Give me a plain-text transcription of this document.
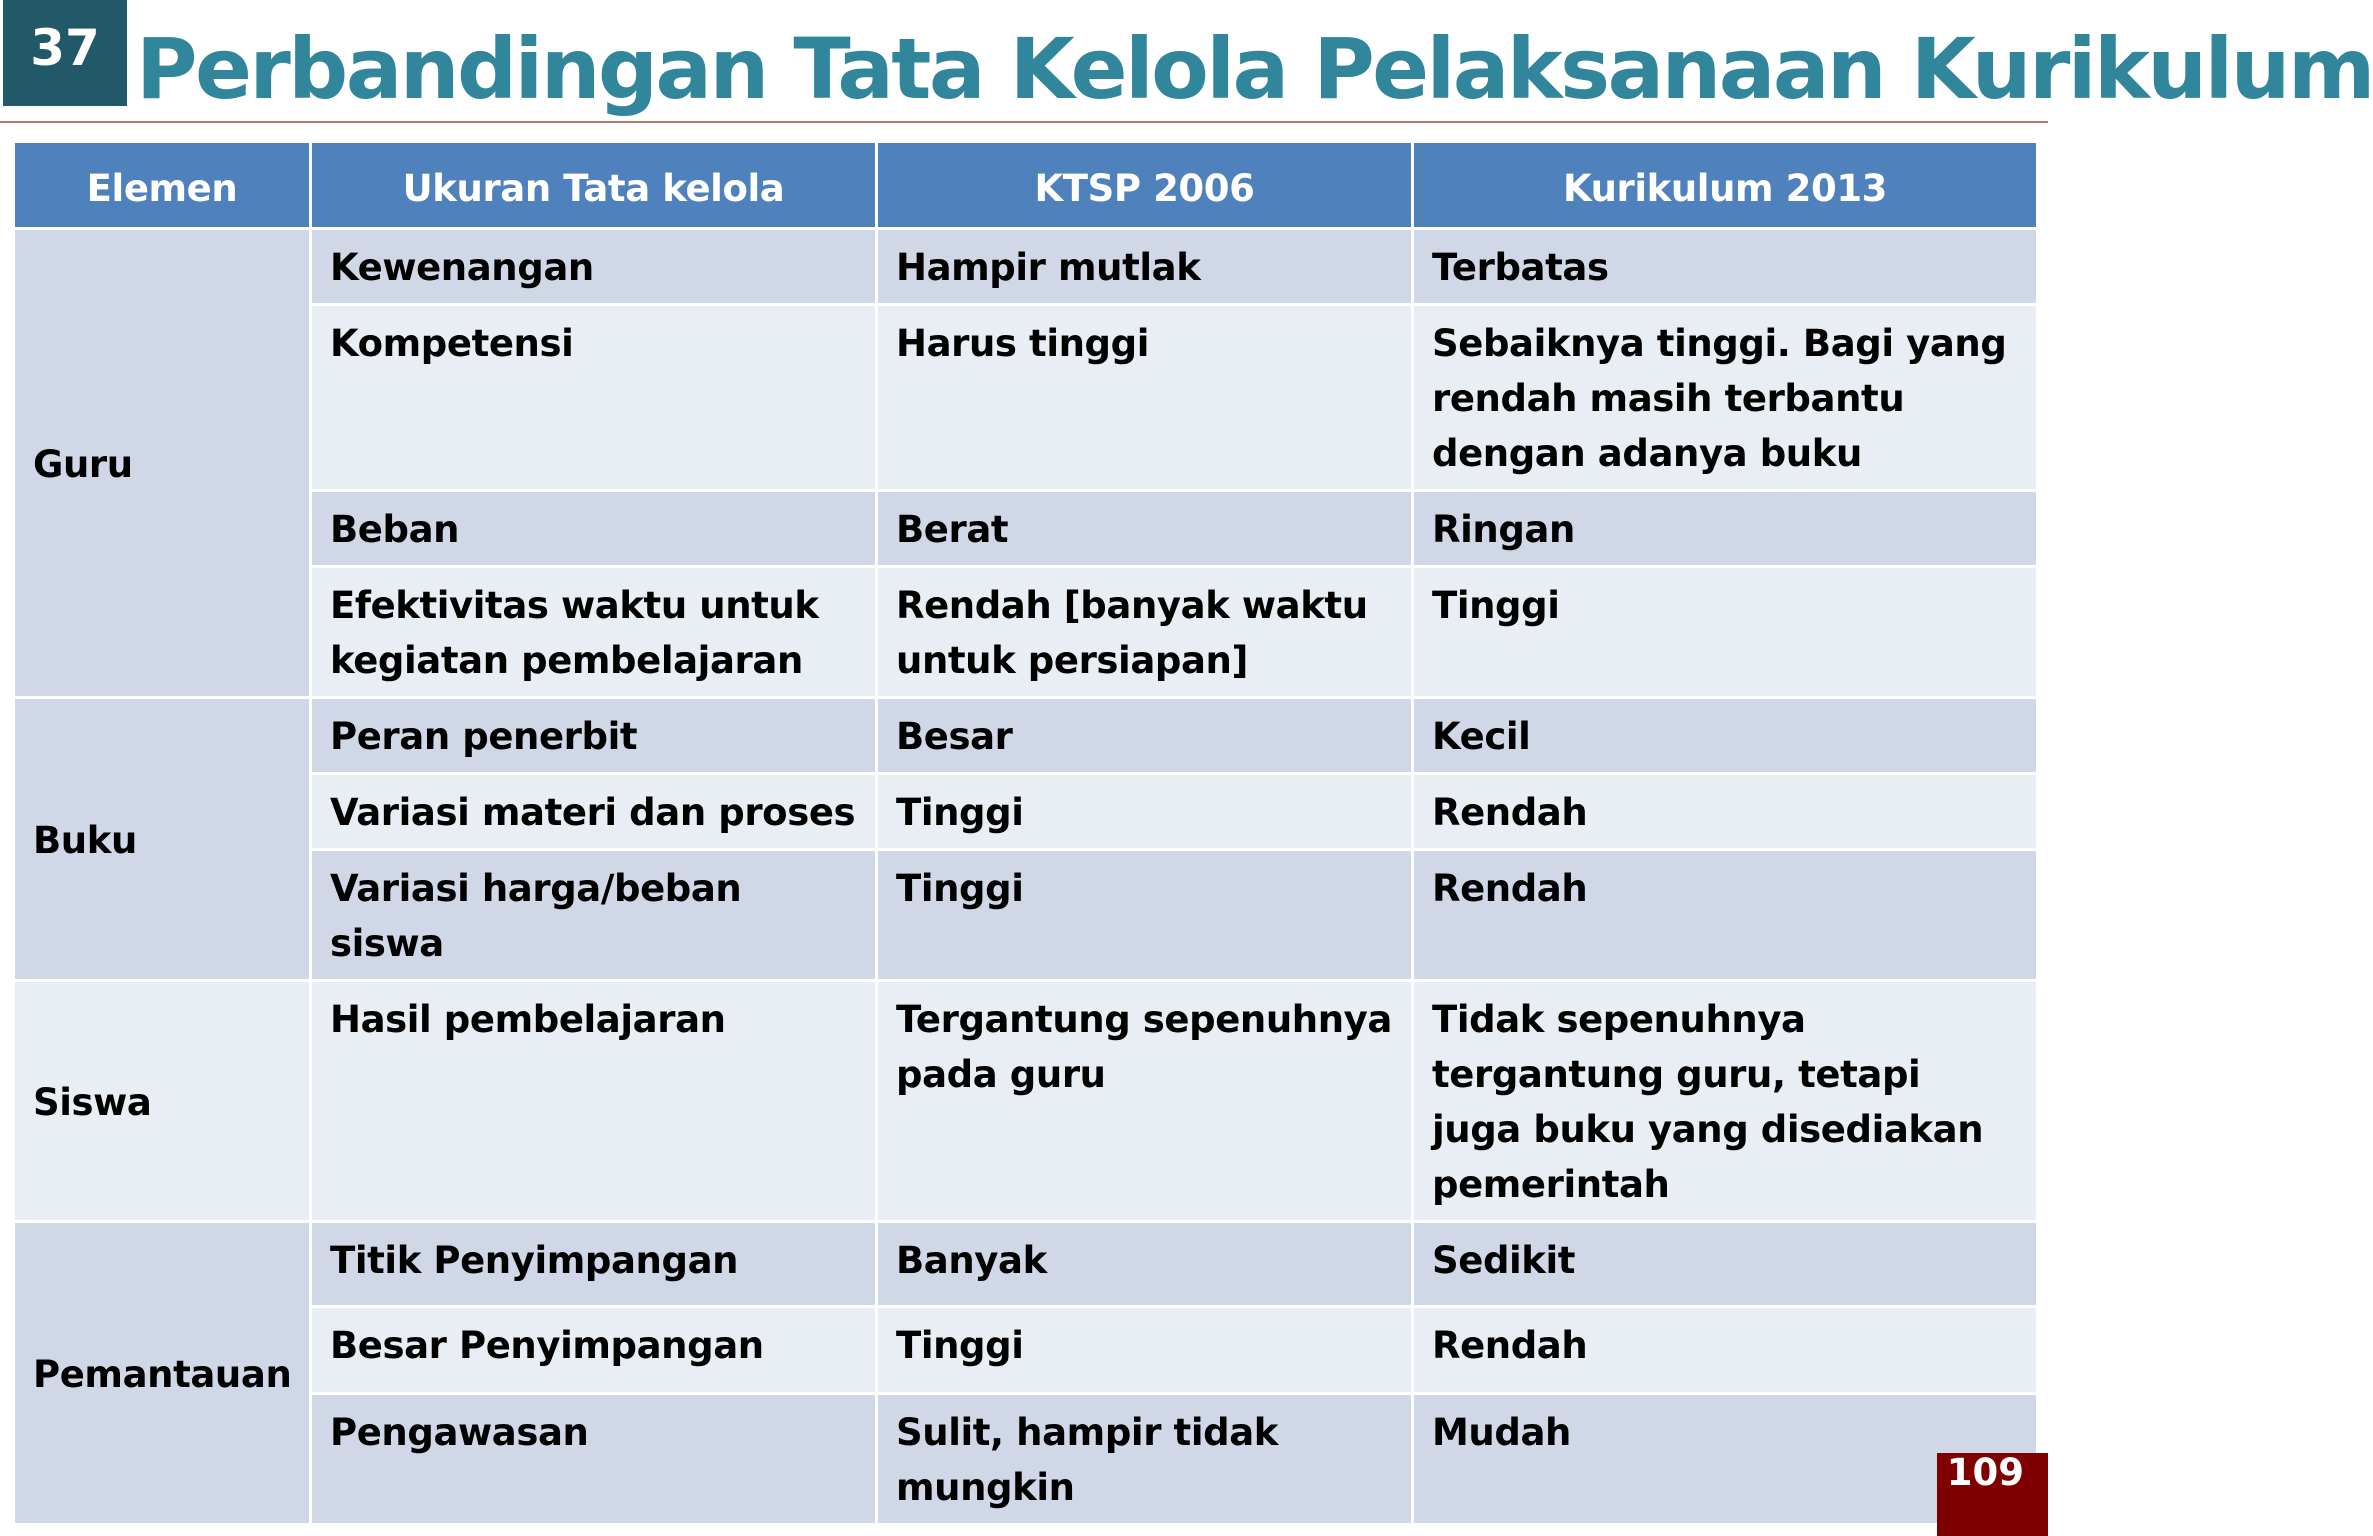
37 Perbandingan Tata Kelola Pelaksanaan Kurikulum
Elemen	Ukuran Tata kelola	KTSP 2006	Kurikulum 2013
Guru	Kewenangan	Hampir mutlak	Terbatas
	Kompetensi	Harus tinggi	Sebaiknya tinggi. Bagi yang rendah masih terbantu dengan adanya buku
	Beban	Berat	Ringan
	Efektivitas waktu untuk kegiatan pembelajaran	Rendah [banyak waktu untuk persiapan]	Tinggi
Buku	Peran penerbit	Besar	Kecil
	Variasi materi dan proses	Tinggi	Rendah
	Variasi harga/beban siswa	Tinggi	Rendah
Siswa	Hasil pembelajaran	Tergantung sepenuhnya pada guru	Tidak sepenuhnya tergantung guru, tetapi juga buku yang disediakan pemerintah
Pemantauan	Titik Penyimpangan	Banyak	Sedikit
	Besar Penyimpangan	Tinggi	Rendah
	Pengawasan	Sulit, hampir tidak mungkin	Mudah
109
